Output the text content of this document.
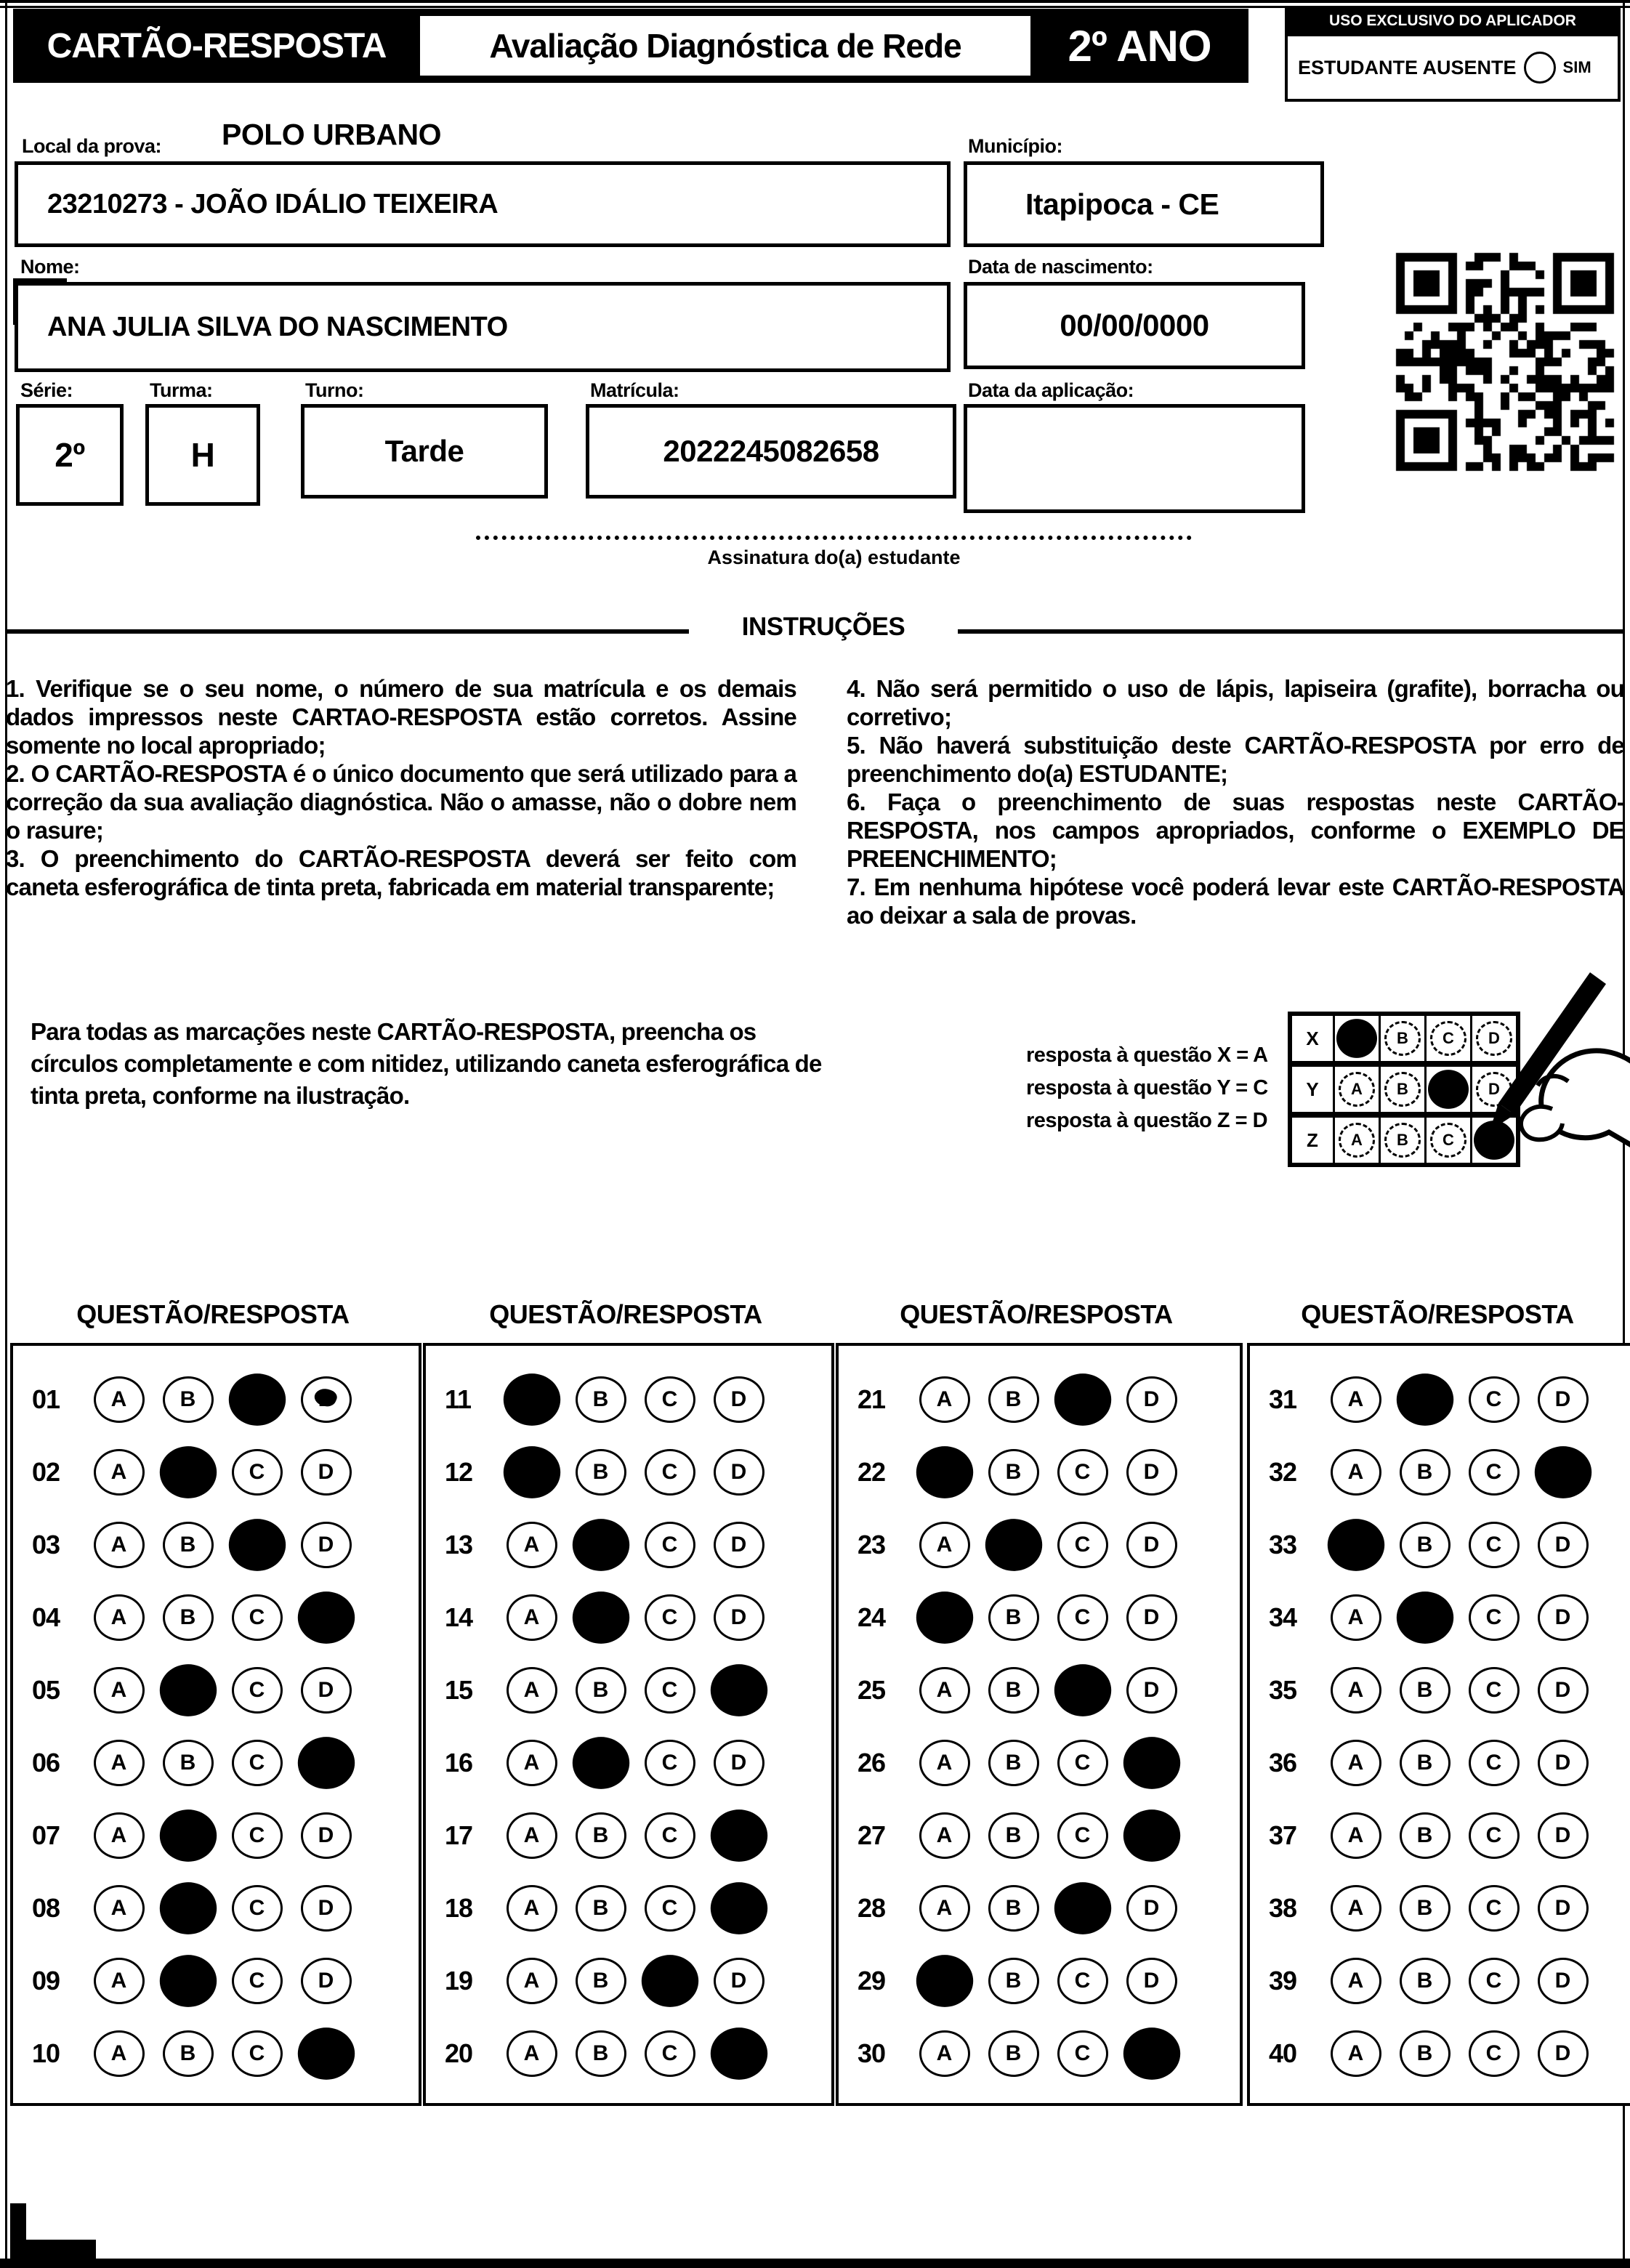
CARTÃO-RESPOSTA	Avaliação Diagnóstica de Rede	2º ANO
USO EXCLUSIVO DO APLICADOR
ESTUDANTE AUSENTE	SIM
Local da prova: POLO URBANO
23210273 - JOÃO IDÁLIO TEIXEIRA
Nome:
ANA JULIA SILVA DO NASCIMENTO
Série:
2º
Turma:
H
Turno:
Tarde
Matrícula:
2022245082658
Município:
Itapipoca - CE
Data de nascimento:
00/00/0000
Data da aplicação:
Assinatura do(a) estudante
INSTRUÇÕES

1. Verifique se o seu nome, o número de sua matrícula e os demais dados impressos neste CARTAO-RESPOSTA estão corretos. Assine somente no local apropriado;

2. O CARTÃO-RESPOSTA é o único documento que será utilizado para a correção da sua avaliação diagnóstica. Não o amasse, não o dobre nem o rasure;

3. O preenchimento do CARTÃO-RESPOSTA deverá ser feito com caneta esferográfica de tinta preta, fabricada em material transparente;

4. Não será permitido o uso de lápis, lapiseira (grafite), borracha ou corretivo;

5. Não haverá substituição deste CARTÃO-RESPOSTA por erro de preenchimento do(a) ESTUDANTE;

6. Faça o preenchimento de suas respostas neste CARTÃO-RESPOSTA, nos campos apropriados, conforme o EXEMPLO DE PREENCHIMENTO;

7. Em nenhuma hipótese você poderá levar este CARTÃO-RESPOSTA ao deixar a sala de provas.

Para todas as marcações neste CARTÃO-RESPOSTA, preencha os círculos completamente e com nitidez, utilizando caneta esferográfica de tinta preta, conforme na ilustração.
resposta à questão X = A
resposta à questão Y = C
resposta à questão Z = D
X	B	C	D
Y	A	B	D
Z	A	B	C
QUESTÃO/RESPOSTA	QUESTÃO/RESPOSTA	QUESTÃO/RESPOSTA	QUESTÃO/RESPOSTA
01	A B C
02	A B C D
03	A B C D
04	A B C D
05	A B C D
06	A B C D
07	A B C D
08	A B C D
09	A B C D
10	A B C D
11	A B C D
12	A B C D
13	A B C D
14	A B C D
15	A B C D
16	A B C D
17	A B C D
18	A B C D
19	A B C D
20	A B C D
21	A B C D
22	A B C D
23	A B C D
24	A B C D
25	A B C D
26	A B C D
27	A B C D
28	A B C D
29	A B C D
30	A B C D
31	A B C D
32	A B C D
33	A B C D
34	A B C D
35	A B C D
36	A B C D
37	A B C D
38	A B C D
39	A B C D
40	A B C D
